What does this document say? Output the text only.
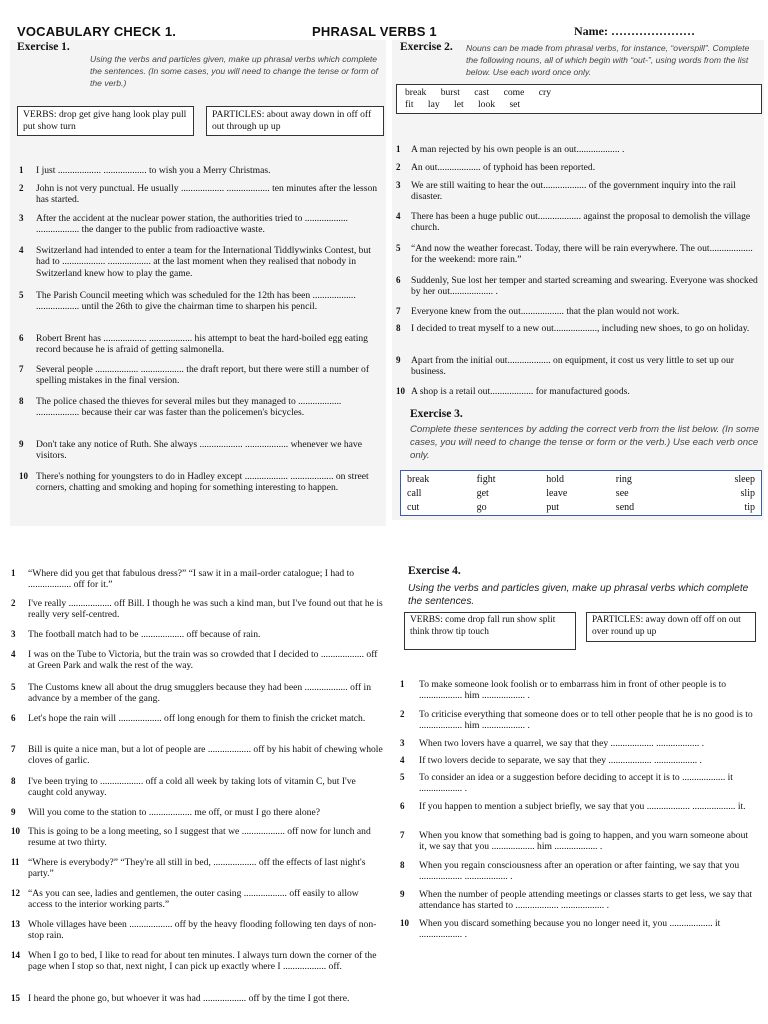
VOCABULARY CHECK 1.	PHRASAL VERBS 1	Name: …………………
Exercise 1.
Using the verbs and particles given, make up phrasal verbs which complete the sentences. (In some cases, you will need to change the tense or form of the verb.)
VERBS: drop get give hang look play pull put show turn
PARTICLES: about away down in off off out through up up
1 I just .................. .................. to wish you a Merry Christmas.
2 John is not very punctual. He usually .................. .................. ten minutes after the lesson has started.
3 After the accident at the nuclear power station, the authorities tried to .................. .................. the danger to the public from radioactive waste.
4 Switzerland had intended to enter a team for the International Tiddlywinks Contest, but had to .................. .................. at the last moment when they realised that nobody in Switzerland knew how to play the game.
5 The Parish Council meeting which was scheduled for the 12th has been .................. .................. until the 26th to give the chairman time to sharpen his pencil.
6 Robert Brent has .................. .................. his attempt to beat the hard-boiled egg eating record because he is afraid of getting salmonella.
7 Several people .................. .................. the draft report, but there were still a number of spelling mistakes in the final version.
8 The police chased the thieves for several miles but they managed to .................. .................. because their car was faster than the policemen's bicycles.
9 Don't take any notice of Ruth. She always .................. .................. whenever we have visitors.
10 There's nothing for youngsters to do in Hadley except .................. .................. on street corners, chatting and smoking and hoping for something interesting to happen.
Exercise 2. Nouns can be made from phrasal verbs, for instance, “overspill”. Complete the following nouns, all of which begin with “out-”, using words from the list below. Use each word once only.
break      burst      cast      come      cry
fit      lay      let      look      set
1 A man rejected by his own people is an out.................. .
2 An out.................. of typhoid has been reported.
3 We are still waiting to hear the out.................. of the government inquiry into the rail disaster.
4 There has been a huge public out.................. against the proposal to demolish the village church.
5 “And now the weather forecast. Today, there will be rain everywhere. The out.................. for the weekend: more rain.”
6 Suddenly, Sue lost her temper and started screaming and swearing. Everyone was shocked by her out.................. .
7 Everyone knew from the out.................. that the plan would not work.
8 I decided to treat myself to a new out.................., including new shoes, to go on holiday.
9 Apart from the initial out.................. on equipment, it cost us very little to set up our business.
10 A shop is a retail out.................. for manufactured goods.
Exercise 3.
Complete these sentences by adding the correct verb from the list below. (In some cases, you will need to change the tense or form or the verb.) Use each verb once only.
break	fight	hold	ring	sleep
call	get	leave	see	slip
cut	go	put	send	tip
1 “Where did you get that fabulous dress?” “I saw it in a mail-order catalogue; I had to .................. off for it.”
2 I've really .................. off Bill. I though he was such a kind man, but I've found out that he is really very self-centred.
3 The football match had to be .................. off because of rain.
4 I was on the Tube to Victoria, but the train was so crowded that I decided to .................. off at Green Park and walk the rest of the way.
5 The Customs knew all about the drug smugglers because they had been .................. off in advance by a member of the gang.
6 Let's hope the rain will .................. off long enough for them to finish the cricket match.
7 Bill is quite a nice man, but a lot of people are .................. off by his habit of chewing whole cloves of garlic.
8 I've been trying to .................. off a cold all week by taking lots of vitamin C, but I've caught cold anyway.
9 Will you come to the station to .................. me off, or must I go there alone?
10 This is going to be a long meeting, so I suggest that we .................. off now for lunch and resume at two thirty.
11 “Where is everybody?” “They're all still in bed, .................. off the effects of last night's party.”
12 “As you can see, ladies and gentlemen, the outer casing .................. off easily to allow access to the interior working parts.”
13 Whole villages have been .................. off by the heavy flooding following ten days of non-stop rain.
14 When I go to bed, I like to read for about ten minutes. I always turn down the corner of the page when I stop so that, next night, I can pick up exactly where I .................. off.
15 I heard the phone go, but whoever it was had .................. off by the time I got there.
Exercise 4.
Using the verbs and particles given, make up phrasal verbs which complete the sentences.
VERBS: come drop fall run show split think throw tip touch
PARTICLES: away down off off on out over round up up
1 To make someone look foolish or to embarrass him in front of other people is to .................. him .................. .
2 To criticise everything that someone does or to tell other people that he is no good is to .................. him .................. .
3 When two lovers have a quarrel, we say that they .................. .................. .
4 If two lovers decide to separate, we say that they .................. .................. .
5 To consider an idea or a suggestion before deciding to accept it is to .................. it .................. .
6 If you happen to mention a subject briefly, we say that you .................. .................. it.
7 When you know that something bad is going to happen, and you warn someone about it, we say that you .................. him .................. .
8 When you regain consciousness after an operation or after fainting, we say that you .................. .................. .
9 When the number of people attending meetings or classes starts to get less, we say that attendance has started to .................. .................. .
10 When you discard something because you no longer need it, you .................. it .................. .
